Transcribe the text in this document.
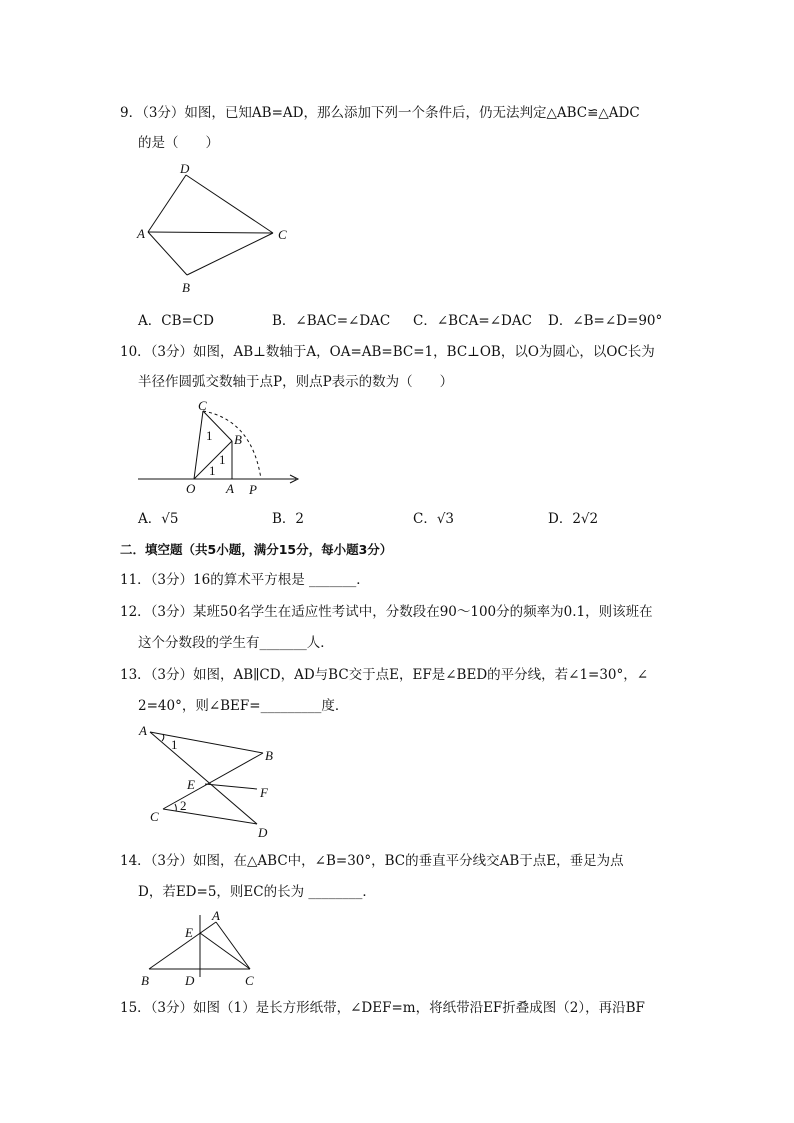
9．（3分）如图，已知AB=AD，那么添加下列一个条件后，仍无法判定△ABC≌△ADC
的是（　　）
D
A	C
B
A．CB=CD	B．∠BAC=∠DAC C．∠BCA=∠DAC D．∠B=∠D=90°
10．（3分）如图，AB⊥数轴于A，OA=AB=BC=1，BC⊥OB，以O为圆心，以OC长为
半径作圆弧交数轴于点P，则点P表示的数为（　　）
C
B
1
1
1
O A P
A．√5	B．2	C．√3	D．2√2
二．填空题（共5小题，满分15分，每小题3分）
11．（3分）16的算术平方根是 _______．
12．（3分）某班50名学生在适应性考试中，分数段在90～100分的频率为0.1，则该班在
这个分数段的学生有_______人．
13．（3分）如图，AB∥CD，AD与BC交于点E，EF是∠BED的平分线，若∠1=30°，∠
2=40°，则∠BEF=_________度．
A
1
B
E
F
2
C
D
14．（3分）如图，在△ABC中，∠B=30°，BC的垂直平分线交AB于点E，垂足为点
D，若ED=5，则EC的长为 ________．
A
E
B	D	C
15．（3分）如图（1）是长方形纸带，∠DEF=m，将纸带沿EF折叠成图（2），再沿BF
